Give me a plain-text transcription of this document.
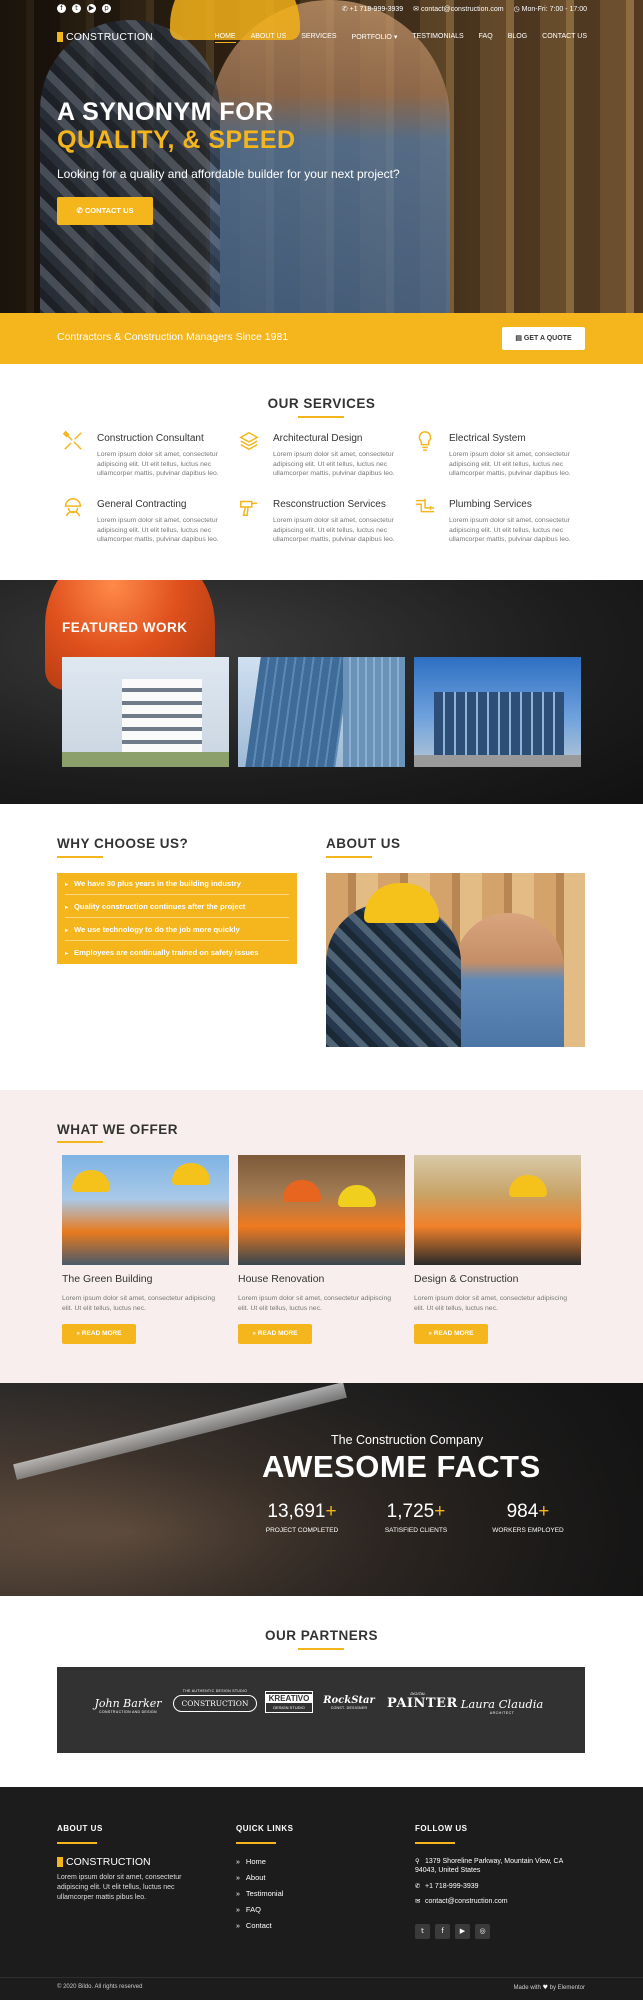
f	t	▶	p	✆ +1 718-999-3939 ✉ contact@construction.com ◷ Mon-Fri: 7:00 - 17:00
CONSTRUCTION	HOME ABOUT US SERVICES PORTFOLIO ▾ TESTIMONIALS FAQ BLOG CONTACT US
A SYNONYM FOR
QUALITY, & SPEED
Looking for a quality and affordable builder for your next project?
✆ CONTACT US
Contractors & Construction Managers Since 1981	▤ GET A QUOTE
OUR SERVICES
Construction Consultant
Lorem ipsum dolor sit amet, consectetur adipiscing elit. Ut elit tellus, luctus nec ullamcorper mattis, pulvinar dapibus leo.
Architectural Design
Lorem ipsum dolor sit amet, consectetur adipiscing elit. Ut elit tellus, luctus nec ullamcorper mattis, pulvinar dapibus leo.
Electrical System
Lorem ipsum dolor sit amet, consectetur adipiscing elit. Ut elit tellus, luctus nec ullamcorper mattis, pulvinar dapibus leo.
General Contracting
Lorem ipsum dolor sit amet, consectetur adipiscing elit. Ut elit tellus, luctus nec ullamcorper mattis, pulvinar dapibus leo.
Resconstruction Services
Lorem ipsum dolor sit amet, consectetur adipiscing elit. Ut elit tellus, luctus nec ullamcorper mattis, pulvinar dapibus leo.
Plumbing Services
Lorem ipsum dolor sit amet, consectetur adipiscing elit. Ut elit tellus, luctus nec ullamcorper mattis, pulvinar dapibus leo.
FEATURED WORK
WHY CHOOSE US?
▸ We have 30 plus years in the building industry
▸ Quality construction continues after the project
▸ We use technology to do the job more quickly
▸ Employees are continually trained on safety issues
ABOUT US
WHAT WE OFFER
The Green Building	House Renovation	Design & Construction
Lorem ipsum dolor sit amet, consectetur adipiscing elit. Ut elit tellus, luctus nec.
Lorem ipsum dolor sit amet, consectetur adipiscing elit. Ut elit tellus, luctus nec.
Lorem ipsum dolor sit amet, consectetur adipiscing elit. Ut elit tellus, luctus nec.
» READ MORE	» READ MORE	» READ MORE
The Construction Company
AWESOME FACTS
13,691+
PROJECT COMPLETED
1,725+
SATISFIED CLIENTS
984+
WORKERS EMPLOYED
OUR PARTNERS
John Barker
CONSTRUCTION AND DESIGN
THE AUTHENTIC DESIGN STUDIO
CONSTRUCTION
KREATIVO
DESIGN STUDIO
RockStar
CONST. DESIGNER
DIGITAL
PAINTER Laura Claudia
ARCHITECT
ABOUT US
CONSTRUCTION
Lorem ipsum dolor sit amet, consectetur adipiscing elit. Ut elit tellus, luctus nec ullamcorper mattis pibus leo.
QUICK LINKS
» Home
» About
» Testimonial
» FAQ
» Contact
FOLLOW US
⚲ 1379 Shoreline Parkway, Mountain View, CA 94043, United States
✆ +1 718-999-3939
✉ contact@construction.com
t	f	▶	◎
© 2020 Bildo. All rights reserved	Made with ♥ by Elementor
